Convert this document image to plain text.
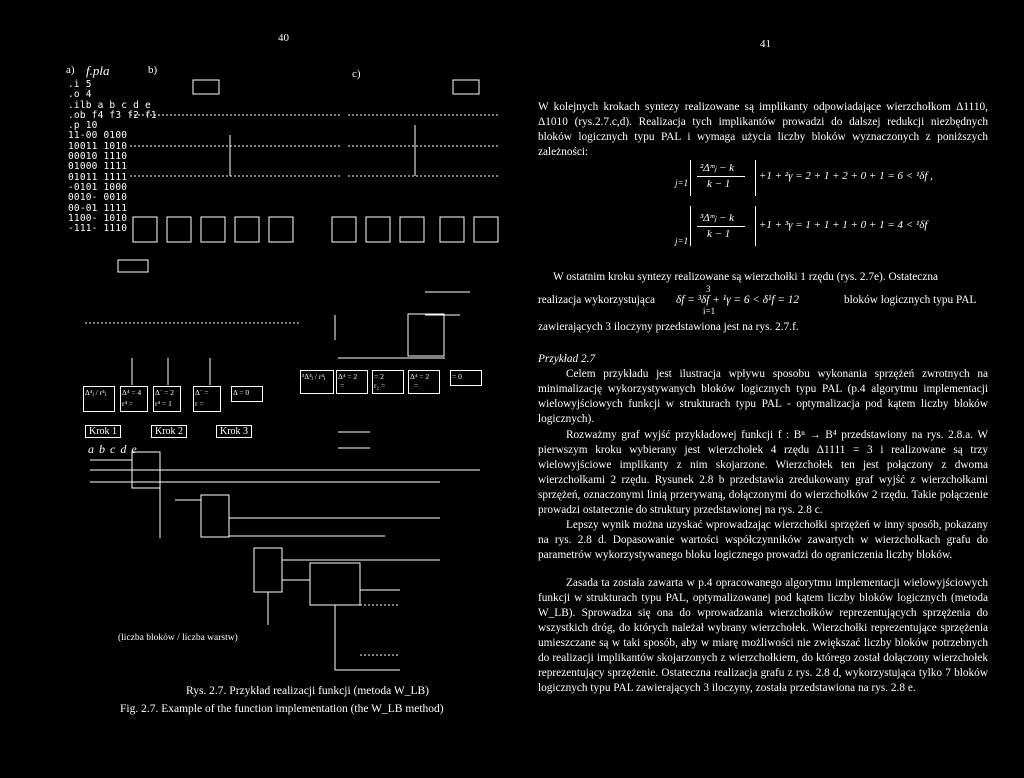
40
a) f.pla	b)	c)
.i 5
.o 4
.ilb a b c d e
.ob f4 f3 f2 f1
.p 10
11-00 0100
10011 1010
00010 1110
01000 1111
01011 1111
-0101 1000
0010- 0010
00-01 1111
1100- 1010
-111- 1110
Δ⁴ⱼ / r⁴ⱼ	Δ⁴ = 4	Δ´ = 2	Δ´ =	Δ = 0
r⁴ =	r⁴ = 1	r =
³Δ⁴ⱼ / r⁴ⱼ	Δ⁴ = 2	= 2	Δ⁴ = 2	= 0
=	r₂ =	=
Krok 1	Krok 2	Krok 3
a b c d e
(liczba bloków / liczba warstw)
Rys. 2.7. Przykład realizacji funkcji (metoda W_LB)
Fig. 2.7. Example of the function implementation (the W_LB method)
41
W kolejnych krokach syntezy realizowane są implikanty odpowiadające wierzchołkom Δ1110, Δ1010 (rys.2.7.c,d). Realizacja tych implikantów prowadzi do dalszej redukcji niezbędnych bloków logicznych typu PAL i wymaga użycia liczby bloków wyznaczonych z poniższych zależności:
j=1
²Δᵐⱼ − k
k − 1
+1 + ²γ = 2 + 1 + 2 + 0 + 1 = 6 < ¹δf ,
j=1
³Δᵐⱼ − k
k − 1
+1 + ³γ = 1 + 1 + 1 + 0 + 1 = 4 < ¹δf
W ostatnim kroku syntezy realizowane są wierzchołki 1 rzędu (rys. 2.7e). Ostateczna
3
realizacja wykorzystująca δf = ³δf + ¹γ = 6 < δ¹f = 12	bloków logicznych typu PAL
i=1
zawierających 3 iloczyny przedstawiona jest na rys. 2.7.f.
Przykład 2.7
Celem przykładu jest ilustracja wpływu sposobu wykonania sprzężeń zwrotnych na minimalizację wykorzystywanych bloków logicznych typu PAL (p.4 algorytmu implementacji wielowyjściowych funkcji w strukturach typu PAL - optymalizacja pod kątem liczby bloków logicznych).
Rozważmy graf wyjść przykładowej funkcji f : Bⁿ → B⁴ przedstawiony na rys. 2.8.a. W pierwszym kroku wybierany jest wierzchołek 4 rzędu Δ1111 = 3 i realizowane są trzy wielowyjściowe implikanty z nim skojarzone. Wierzchołek ten jest połączony z dwoma wierzchołkami 2 rzędu. Rysunek 2.8 b przedstawia zredukowany graf wyjść z wierzchołkami sprzężeń, oznaczonymi linią przerywaną, dołączonymi do wierzchołków 2 rzędu. Takie połączenie prowadzi ostatecznie do struktury przedstawionej na rys. 2.8 c.
Lepszy wynik można uzyskać wprowadzając wierzchołki sprzężeń w inny sposób, pokazany na rys. 2.8 d. Dopasowanie wartości współczynników zawartych w wierzchołkach grafu do parametrów wykorzystywanego bloku logicznego prowadzi do ograniczenia liczby bloków.
Zasada ta została zawarta w p.4 opracowanego algorytmu implementacji wielowyjściowych funkcji w strukturach typu PAL, optymalizowanej pod kątem liczby bloków logicznych (metoda W_LB). Sprowadza się ona do wprowadzania wierzchołków reprezentujących sprzężenia do wszystkich dróg, do których należał wybrany wierzchołek. Wierzchołki reprezentujące sprzężenia umieszczane są w taki sposób, aby w miarę możliwości nie zwiększać liczby bloków potrzebnych do realizacji implikantów skojarzonych z wierzchołkiem, do którego został dołączony wierzchołek reprezentujący sprzężenie. Ostateczna realizacja grafu z rys. 2.8 d, wykorzystująca tylko 7 bloków logicznych typu PAL zawierających 3 iloczyny, została przedstawiona na rys. 2.8 e.
